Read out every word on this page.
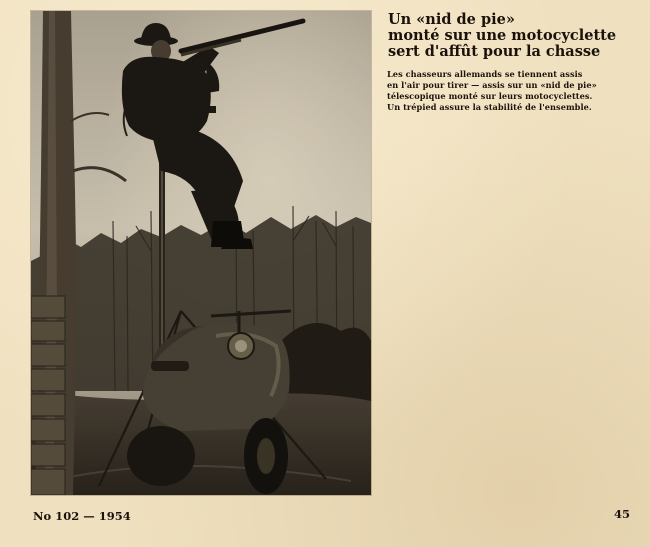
Un «nid de pie»
monté sur une motocyclette
sert d'affût pour la chasse

Les chasseurs allemands se tiennent assis
en l'air pour tirer — assis sur un «nid de pie»
télescopique monté sur leurs motocyclettes.
Un trépied assure la stabilité de l'ensemble.

No 102 — 1954	45
